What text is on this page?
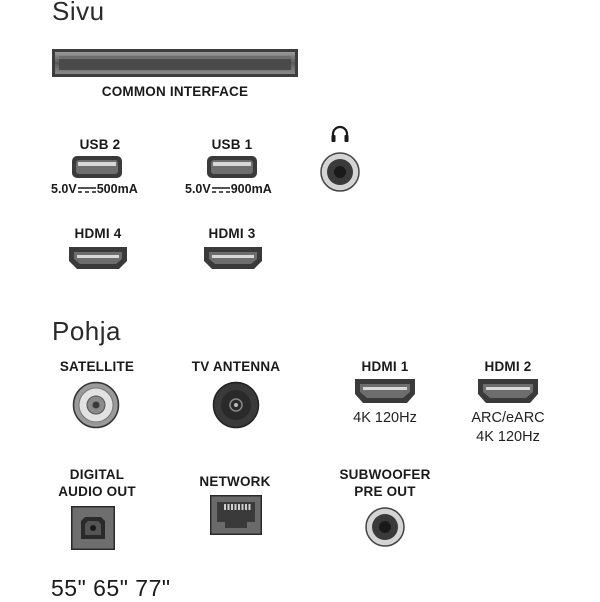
Sivu
COMMON INTERFACE
USB 2
5.0V 500mA
USB 1
5.0V 900mA
HDMI 4	HDMI 3
Pohja
SATELLITE	TV ANTENNA	HDMI 1
4K 120Hz
HDMI 2
ARC/eARC
4K 120Hz
DIGITAL
AUDIO OUT
NETWORK	SUBWOOFER
PRE OUT
55" 65" 77"
